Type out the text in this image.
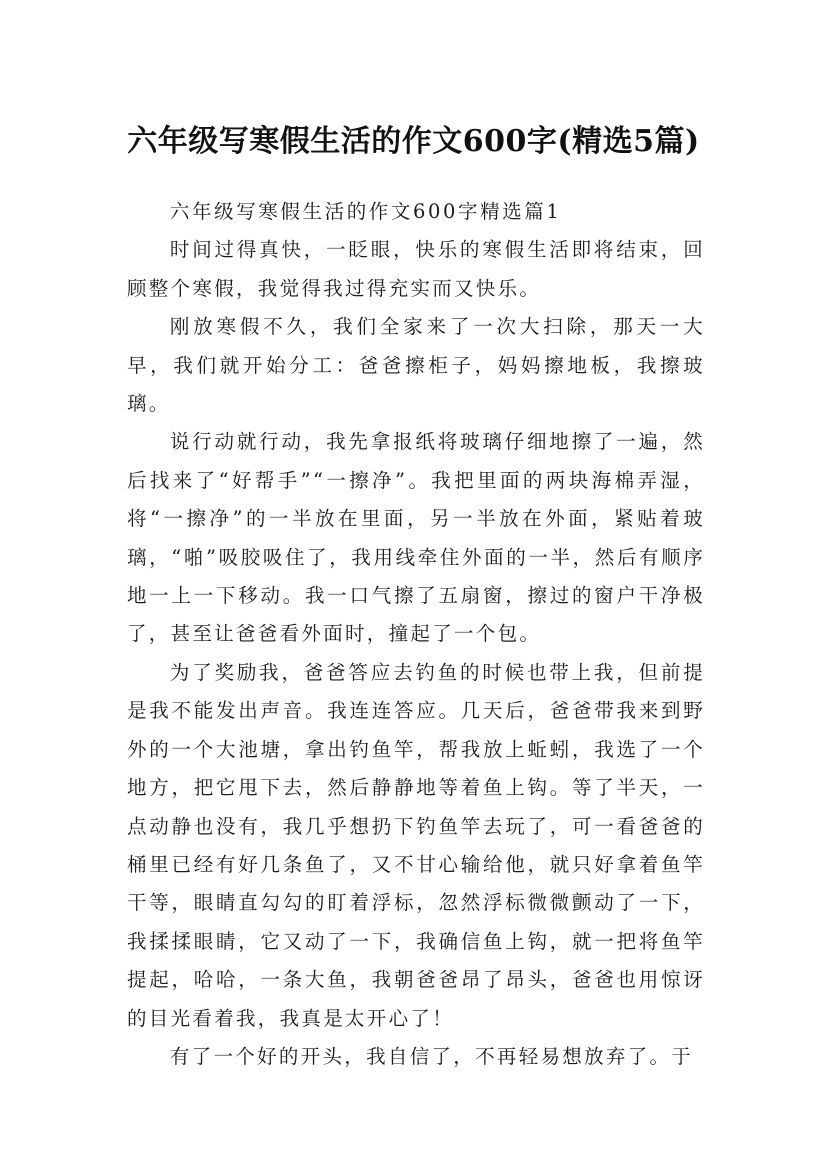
六年级写寒假生活的作文600字(精选5篇)

六年级写寒假生活的作文600字精选篇1

时间过得真快，一眨眼，快乐的寒假生活即将结束，回顾整个寒假，我觉得我过得充实而又快乐。

刚放寒假不久，我们全家来了一次大扫除，那天一大早，我们就开始分工：爸爸擦柜子，妈妈擦地板，我擦玻璃。

说行动就行动，我先拿报纸将玻璃仔细地擦了一遍，然后找来了“好帮手”“一擦净”。我把里面的两块海棉弄湿，将“一擦净”的一半放在里面，另一半放在外面，紧贴着玻璃，“啪”吸胶吸住了，我用线牵住外面的一半，然后有顺序地一上一下移动。我一口气擦了五扇窗，擦过的窗户干净极了，甚至让爸爸看外面时，撞起了一个包。

为了奖励我，爸爸答应去钓鱼的时候也带上我，但前提是我不能发出声音。我连连答应。几天后，爸爸带我来到野外的一个大池塘，拿出钓鱼竿，帮我放上蚯蚓，我选了一个地方，把它甩下去，然后静静地等着鱼上钩。等了半天，一点动静也没有，我几乎想扔下钓鱼竿去玩了，可一看爸爸的桶里已经有好几条鱼了，又不甘心输给他，就只好拿着鱼竿干等，眼睛直勾勾的盯着浮标，忽然浮标微微颤动了一下，我揉揉眼睛，它又动了一下，我确信鱼上钩，就一把将鱼竿提起，哈哈，一条大鱼，我朝爸爸昂了昂头，爸爸也用惊讶的目光看着我，我真是太开心了！

有了一个好的开头，我自信了，不再轻易想放弃了。于
